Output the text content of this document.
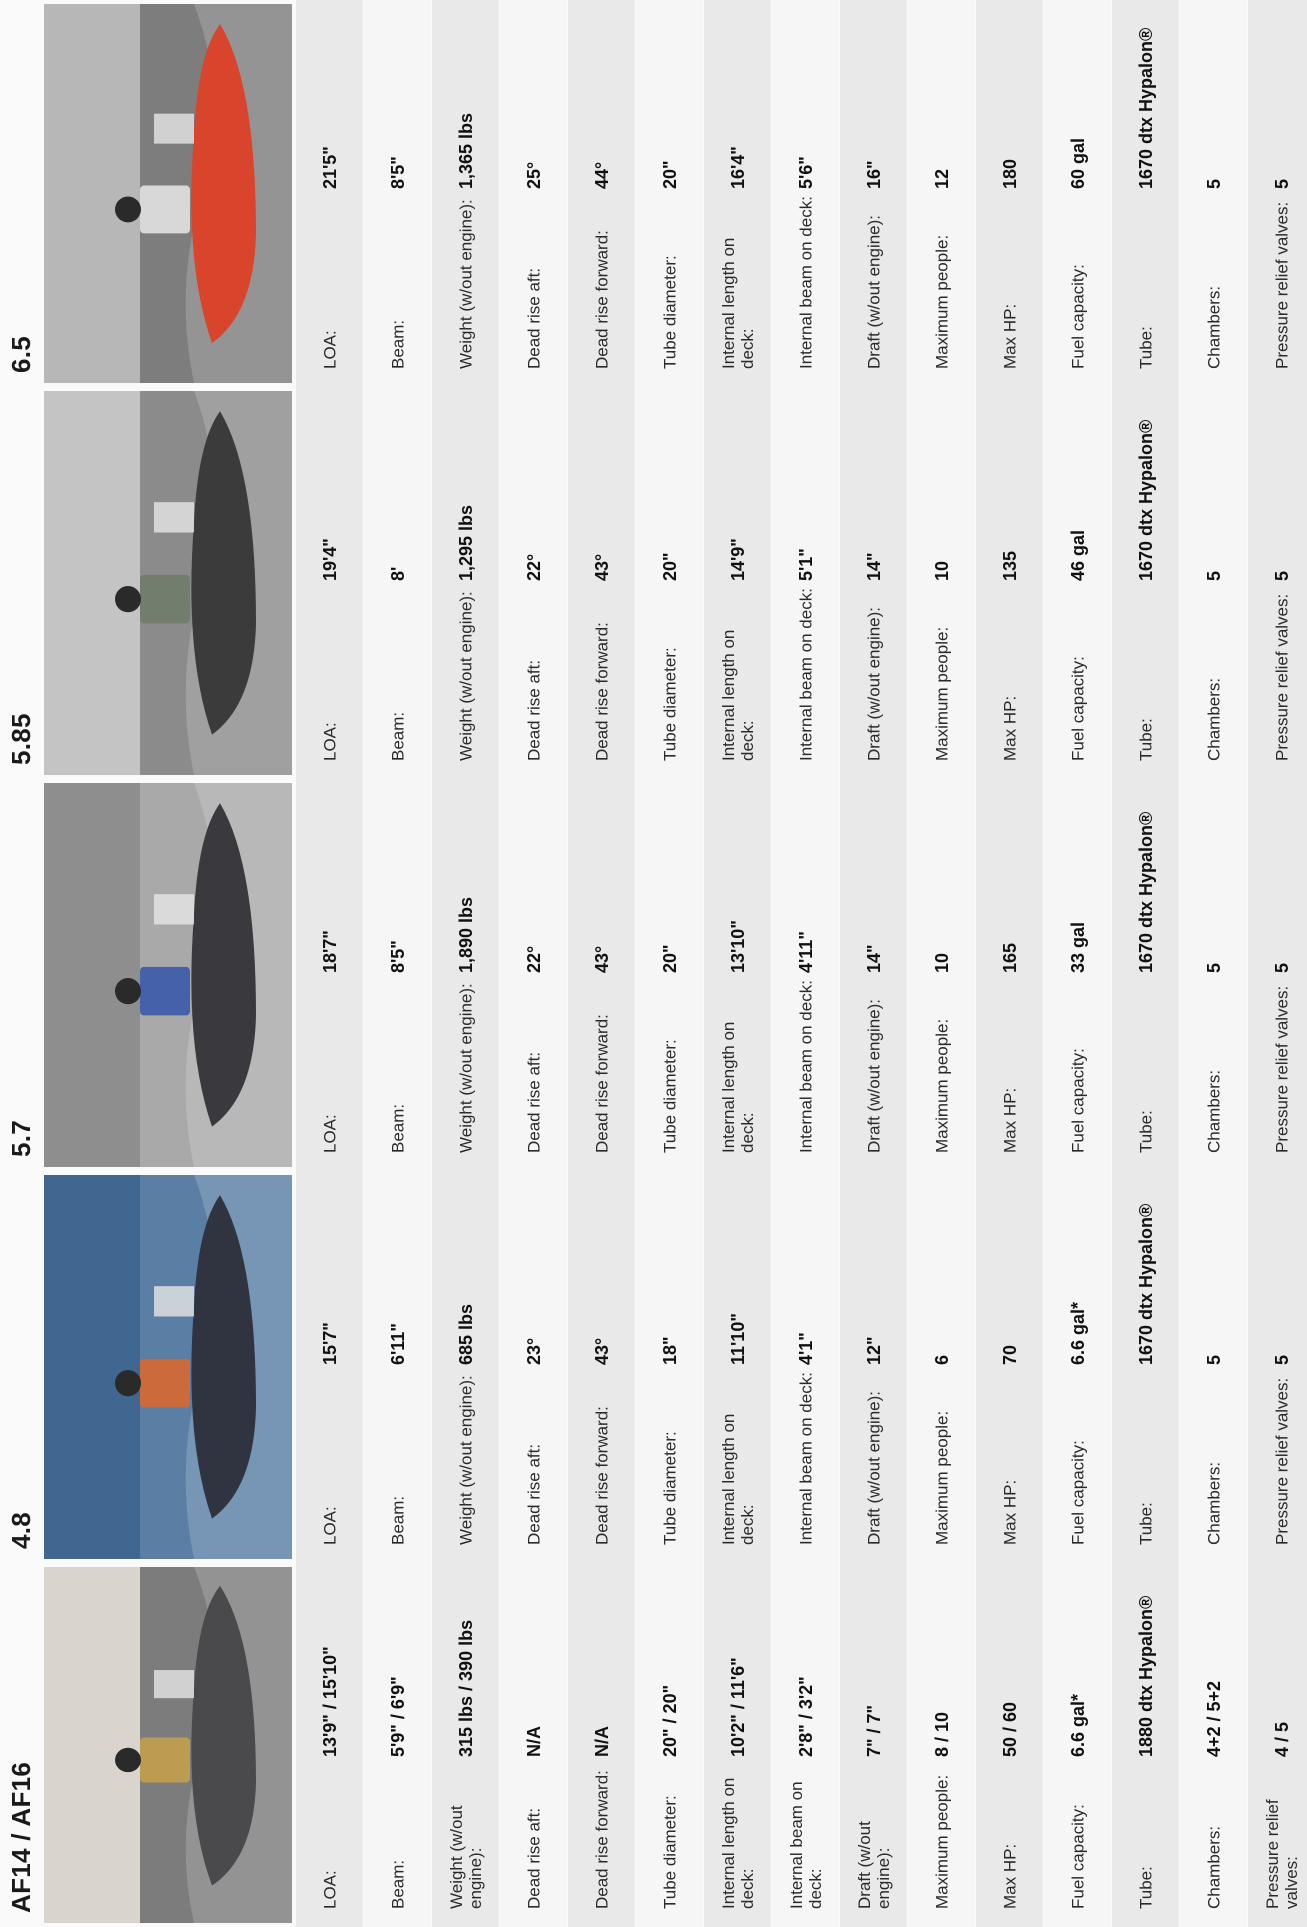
AF14 / AF16	LOA:
13'9" / 15'10"
Beam:
5'9" / 6'9"
Weight (w/out engine):
315 lbs / 390 lbs
Dead rise aft:
N/A
Dead rise forward:
N/A
Tube diameter:
20" / 20"
Internal length on deck:
10'2" / 11'6"
Internal beam on deck:
2'8" / 3'2"
Draft (w/out engine):
7" / 7"
Maximum people:
8 / 10
Max HP:
50 / 60
Fuel capacity:
6.6 gal*
Tube:
1880 dtx Hypalon®
Chambers:
4+2 / 5+2
Pressure relief valves:
4 / 5
4.8	LOA:
15'7"
Beam:
6'11"
Weight (w/out engine):
685 lbs
Dead rise aft:
23°
Dead rise forward:
43°
Tube diameter:
18"
Internal length on deck:
11'10"
Internal beam on deck:
4'1"
Draft (w/out engine):
12"
Maximum people:
6
Max HP:
70
Fuel capacity:
6.6 gal*
Tube:
1670 dtx Hypalon®
Chambers:
5
Pressure relief valves:
5
5.7	LOA:
18'7"
Beam:
8'5"
Weight (w/out engine):
1,890 lbs
Dead rise aft:
22°
Dead rise forward:
43°
Tube diameter:
20"
Internal length on deck:
13'10"
Internal beam on deck:
4'11"
Draft (w/out engine):
14"
Maximum people:
10
Max HP:
165
Fuel capacity:
33 gal
Tube:
1670 dtx Hypalon®
Chambers:
5
Pressure relief valves:
5
5.85	LOA:
19'4"
Beam:
8'
Weight (w/out engine):
1,295 lbs
Dead rise aft:
22°
Dead rise forward:
43°
Tube diameter:
20"
Internal length on deck:
14'9"
Internal beam on deck:
5'1"
Draft (w/out engine):
14"
Maximum people:
10
Max HP:
135
Fuel capacity:
46 gal
Tube:
1670 dtx Hypalon®
Chambers:
5
Pressure relief valves:
5
6.5	LOA:
21'5"
Beam:
8'5"
Weight (w/out engine):
1,365 lbs
Dead rise aft:
25°
Dead rise forward:
44°
Tube diameter:
20"
Internal length on deck:
16'4"
Internal beam on deck:
5'6"
Draft (w/out engine):
16"
Maximum people:
12
Max HP:
180
Fuel capacity:
60 gal
Tube:
1670 dtx Hypalon®
Chambers:
5
Pressure relief valves:
5
